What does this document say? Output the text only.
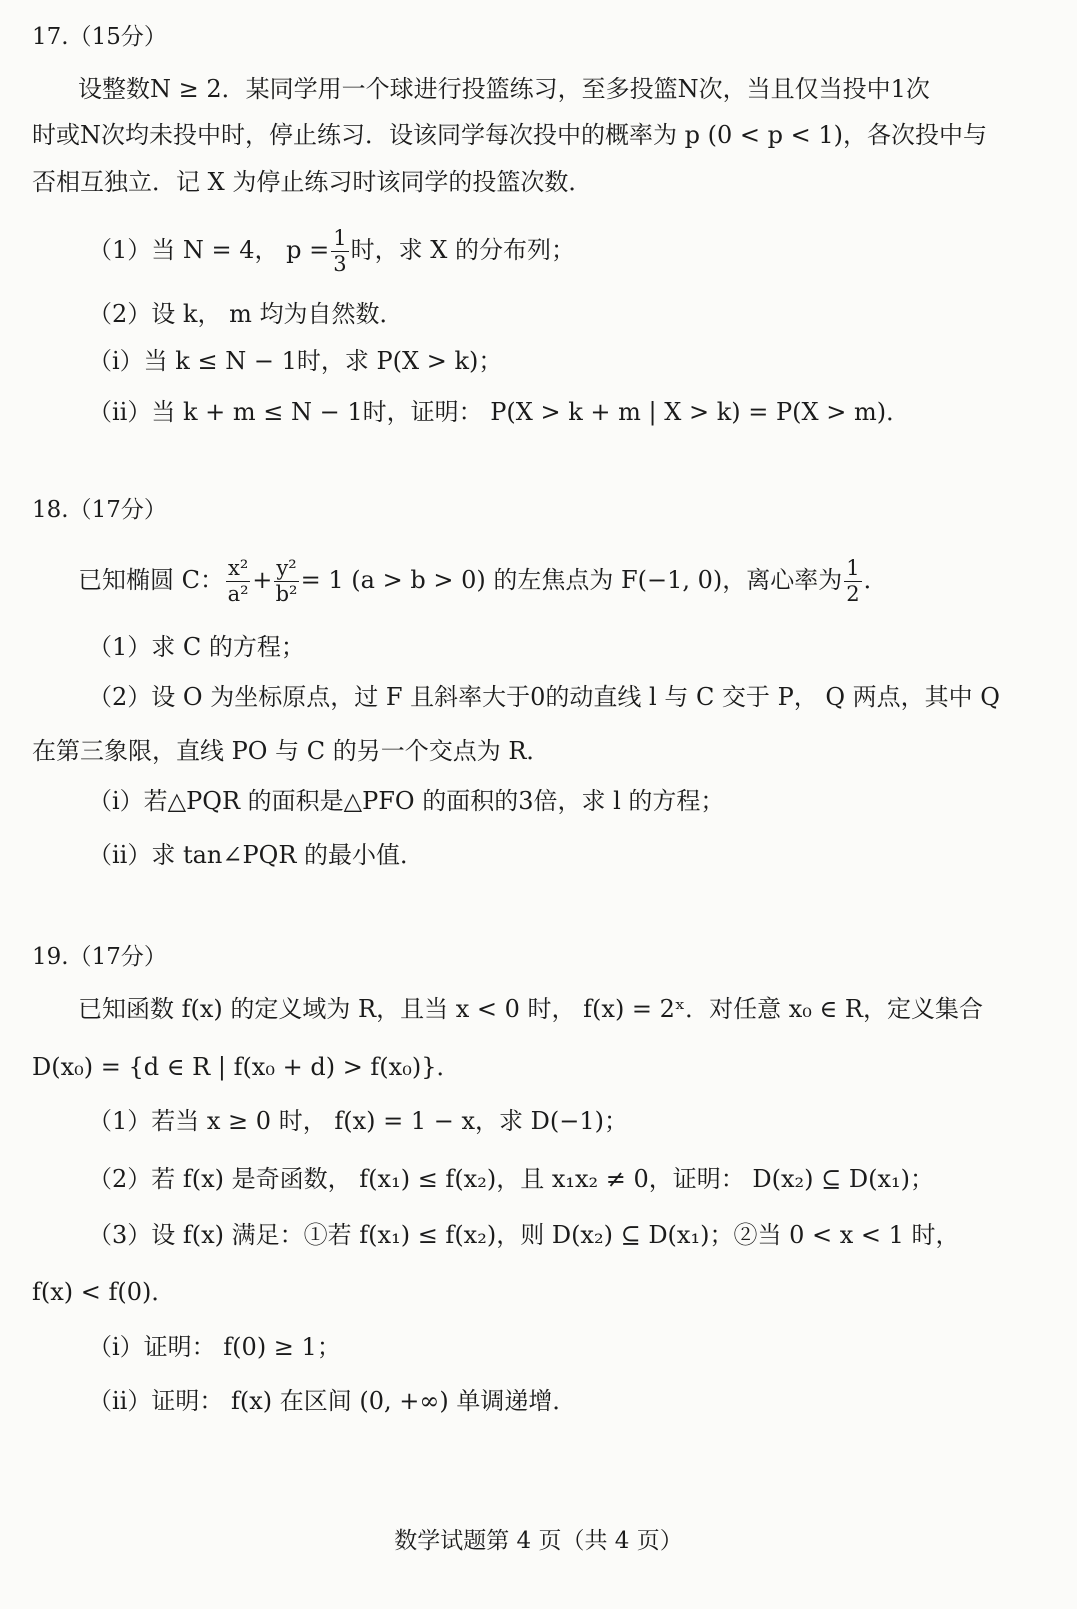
17.（15分）
设整数N ≥ 2．某同学用一个球进行投篮练习，至多投篮N次，当且仅当投中1次
时或N次均未投中时，停止练习．设该同学每次投中的概率为 p (0 < p < 1)，各次投中与
否相互独立．记 X 为停止练习时该同学的投篮次数．
（1）当 N = 4， $p = \frac{1}{3}$ 时，求 X 的分布列；
（2）设 k， m 均为自然数．
（ⅰ）当 k ≤ N − 1时，求 P(X > k)；
（ⅱ）当 k + m ≤ N − 1时，证明： P(X > k + m | X > k) = P(X > m)．
18.（17分）
已知椭圆 C： $\frac{\text{x²}}{\text{a²}} + \frac{\text{y²}}{\text{b²}} = 1$ (a > b > 0) 的左焦点为 F(−1, 0)，离心率为 $\frac{1}{2}$ ．
（1）求 C 的方程；
（2）设 O 为坐标原点，过 F 且斜率大于0的动直线 l 与 C 交于 P， Q 两点，其中 Q
在第三象限，直线 PO 与 C 的另一个交点为 R．
（ⅰ）若△PQR 的面积是△PFO 的面积的3倍，求 l 的方程；
（ⅱ）求 tan∠PQR 的最小值．
19.（17分）
已知函数 f(x) 的定义域为 R，且当 x < 0 时， f(x) = 2ˣ．对任意 x₀ ∈ R，定义集合
D(x₀) = {d ∈ R | f(x₀ + d) > f(x₀)}．
（1）若当 x ≥ 0 时， f(x) = 1 − x，求 D(−1)；
（2）若 f(x) 是奇函数， f(x₁) ≤ f(x₂)，且 x₁x₂ ≠ 0，证明： D(x₂) ⊆ D(x₁)；
（3）设 f(x) 满足：①若 f(x₁) ≤ f(x₂)，则 D(x₂) ⊆ D(x₁)；②当 0 < x < 1 时，
f(x) < f(0)．
（ⅰ）证明： f(0) ≥ 1；
（ⅱ）证明： f(x) 在区间 (0, +∞) 单调递增．
数学试题第 4 页（共 4 页）
